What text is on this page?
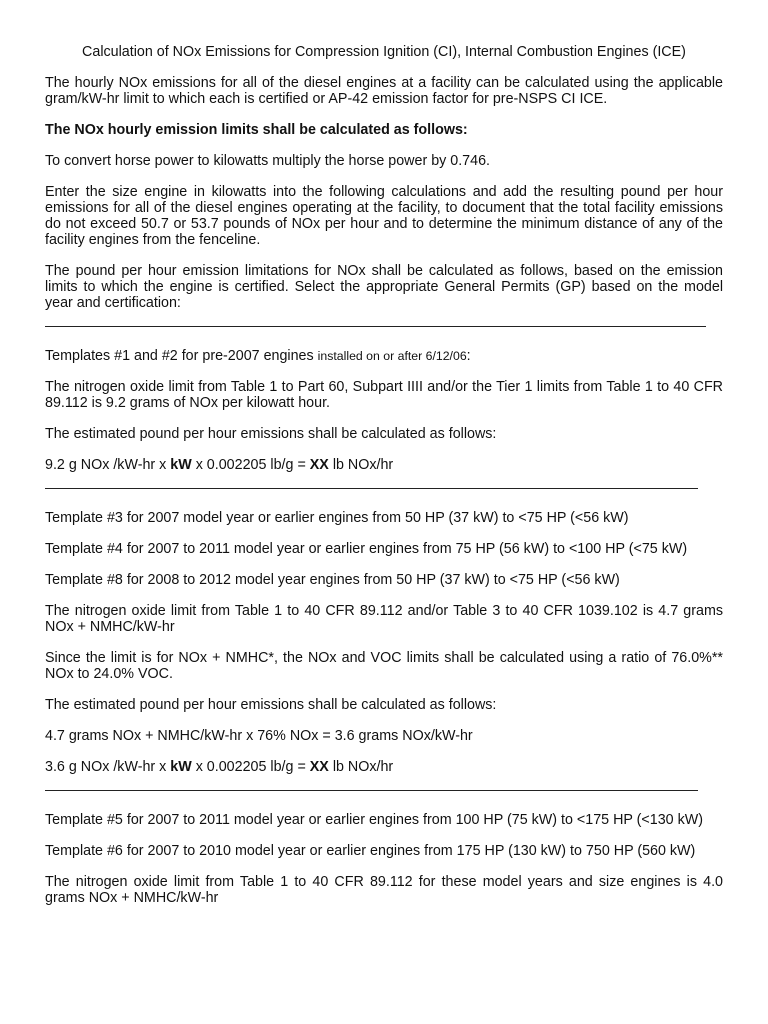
Calculation of NOx Emissions for Compression Ignition (CI), Internal Combustion Engines (ICE)

The hourly NOx emissions for all of the diesel engines at a facility can be calculated using the applicable gram/kW-hr limit to which each is certified or AP-42 emission factor for pre-NSPS CI ICE.

The NOx hourly emission limits shall be calculated as follows:

To convert horse power to kilowatts multiply the horse power by 0.746.

Enter the size engine in kilowatts into the following calculations and add the resulting pound per hour emissions for all of the diesel engines operating at the facility, to document that the total facility emissions do not exceed 50.7 or 53.7 pounds of NOx per hour and to determine the minimum distance of any of the facility engines from the fenceline.

The pound per hour emission limitations for NOx shall be calculated as follows, based on the emission limits to which the engine is certified. Select the appropriate General Permits (GP) based on the model year and certification:

Templates #1 and #2 for pre-2007 engines installed on or after 6/12/06:

The nitrogen oxide limit from Table 1 to Part 60, Subpart IIII and/or the Tier 1 limits from Table 1 to 40 CFR 89.112 is 9.2 grams of NOx per kilowatt hour.

The estimated pound per hour emissions shall be calculated as follows:

9.2 g NOx /kW-hr x kW x 0.002205 lb/g = XX lb NOx/hr

Template #3 for 2007 model year or earlier engines from 50 HP (37 kW) to <75 HP (<56 kW)

Template #4 for 2007 to 2011 model year or earlier engines from 75 HP (56 kW) to <100 HP (<75 kW)

Template #8 for 2008 to 2012 model year engines from 50 HP (37 kW) to <75 HP (<56 kW)

The nitrogen oxide limit from Table 1 to 40 CFR 89.112 and/or Table 3 to 40 CFR 1039.102 is 4.7 grams NOx + NMHC/kW-hr

Since the limit is for NOx + NMHC*, the NOx and VOC limits shall be calculated using a ratio of 76.0%** NOx to 24.0% VOC.

The estimated pound per hour emissions shall be calculated as follows:

4.7 grams NOx + NMHC/kW-hr x 76% NOx = 3.6 grams NOx/kW-hr

3.6 g NOx /kW-hr x kW x 0.002205 lb/g = XX lb NOx/hr

Template #5 for 2007 to 2011 model year or earlier engines from 100 HP (75 kW) to <175 HP (<130 kW)

Template #6 for 2007 to 2010 model year or earlier engines from 175 HP (130 kW) to 750 HP (560 kW)

The nitrogen oxide limit from Table 1 to 40 CFR 89.112 for these model years and size engines is 4.0 grams NOx + NMHC/kW-hr
